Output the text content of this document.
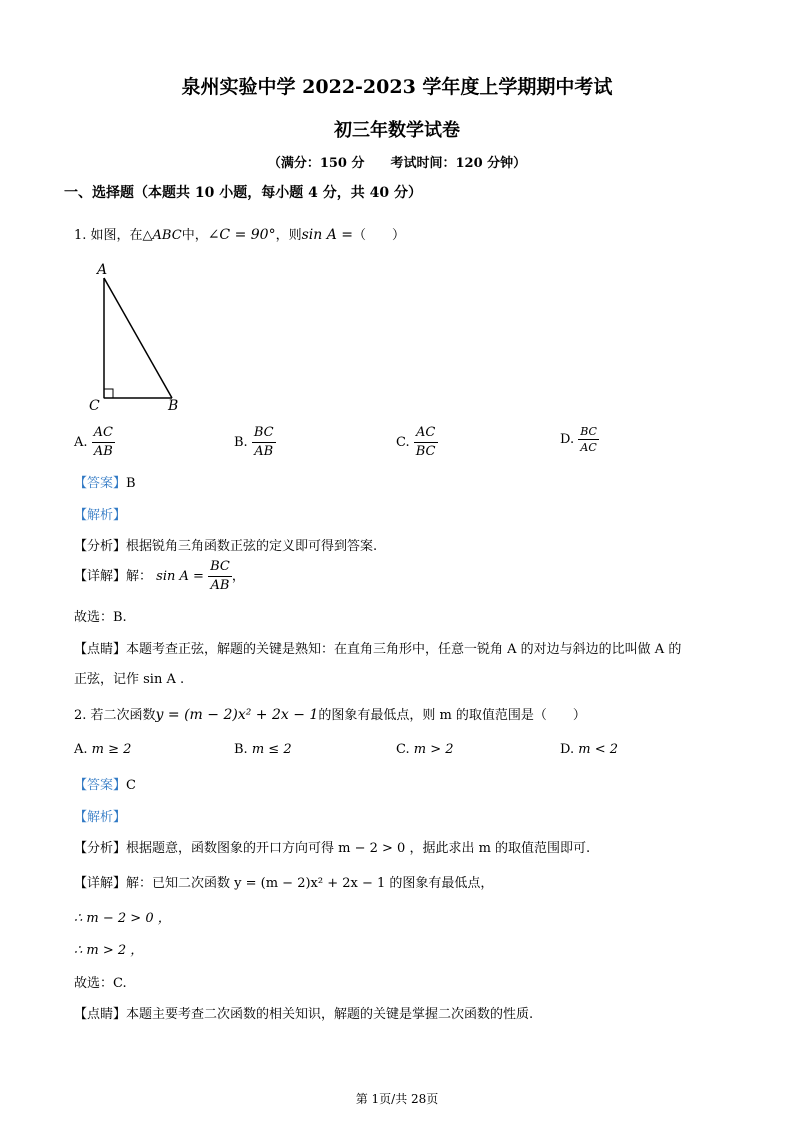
泉州实验中学 2022-2023 学年度上学期期中考试
初三年数学试卷
（满分：150 分　　考试时间：120 分钟）
一、选择题（本题共 10 小题，每小题 4 分，共 40 分）
1. 如图，在△ABC中，∠C = 90°，则sin A =（　　）
A
C	B
A. $\frac{AC}{AB}$	B. $\frac{BC}{AB}$	C. $\frac{AC}{BC}$	D. $\frac{BC}{AC}$
【答案】B
【解析】
【分析】根据锐角三角函数正弦的定义即可得到答案.
【详解】解： $\sin A = \frac{BC}{AB}$ ，
故选：B.
【点睛】本题考查正弦，解题的关键是熟知：在直角三角形中，任意一锐角 A 的对边与斜边的比叫做 A 的
正弦，记作 sin A .
2. 若二次函数y = (m − 2)x² + 2x − 1的图象有最低点，则 m 的取值范围是（　　）
A. m ≥ 2	B. m ≤ 2	C. m > 2	D. m < 2
【答案】C
【解析】
【分析】根据题意，函数图象的开口方向可得 m − 2 > 0 ，据此求出 m 的取值范围即可.
【详解】解：已知二次函数 y = (m − 2)x² + 2x − 1 的图象有最低点，
∴ m − 2 > 0 ，
∴ m > 2 ，
故选：C.
【点睛】本题主要考查二次函数的相关知识，解题的关键是掌握二次函数的性质.
第 1页/共 28页
